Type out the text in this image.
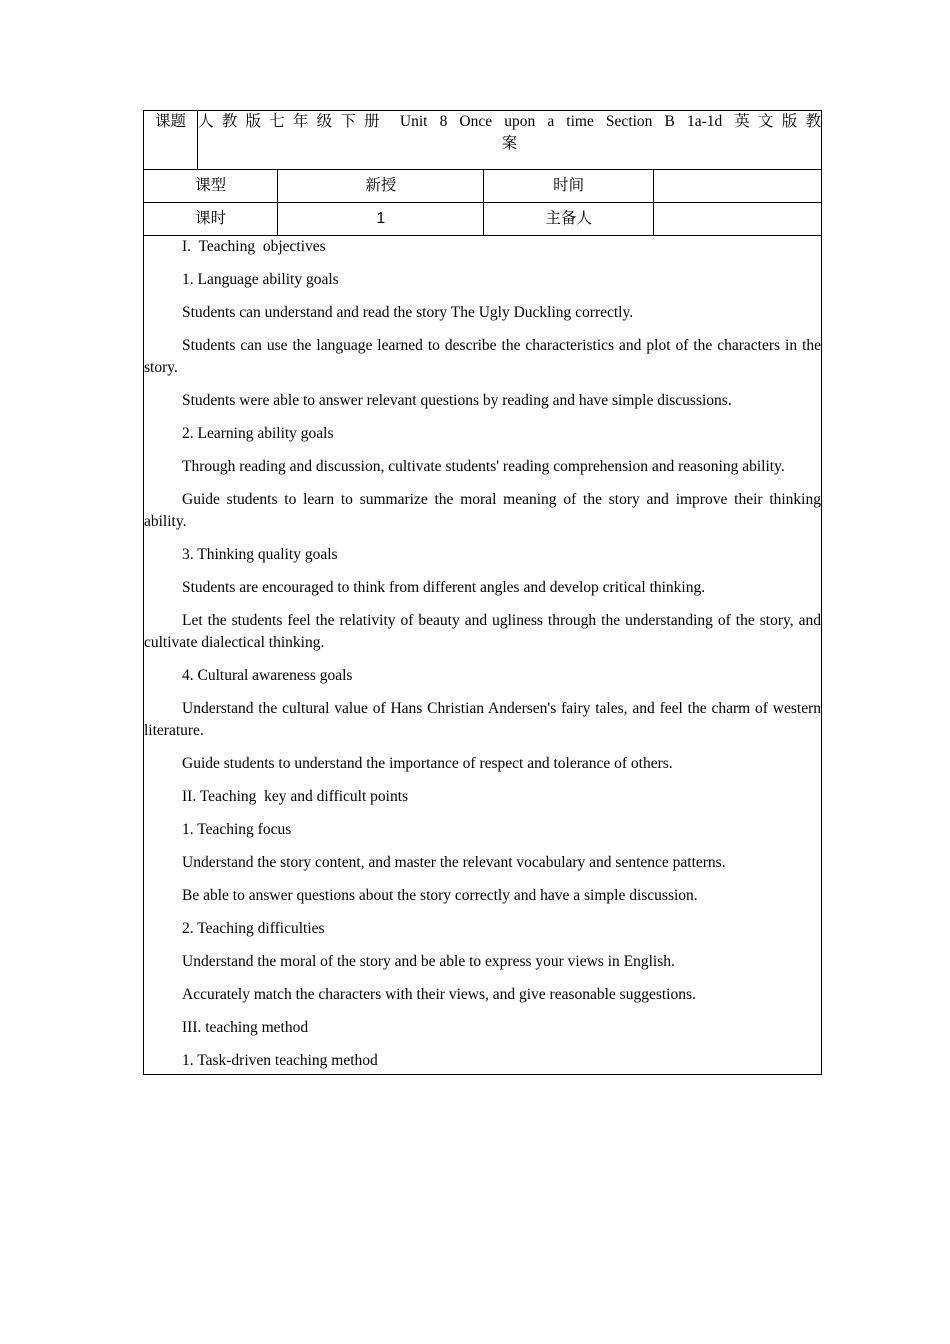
课题	人教版七年级下册 Unit 8 Once upon a time Section B 1a-1d 英文版教
案			

课型		新授	时间	
课时		1	主备人	

I.  Teaching  objectives

1. Language ability goals

Students can understand and read the story The Ugly Duckling correctly.

Students can use the language learned to describe the characteristics and plot of the characters in the story.

Students were able to answer relevant questions by reading and have simple discussions.

2. Learning ability goals

Through reading and discussion, cultivate students' reading comprehension and reasoning ability.

Guide students to learn to summarize the moral meaning of the story and improve their thinking ability.

3. Thinking quality goals

Students are encouraged to think from different angles and develop critical thinking.

Let the students feel the relativity of beauty and ugliness through the understanding of the story, and cultivate dialectical thinking.

4. Cultural awareness goals

Understand the cultural value of Hans Christian Andersen's fairy tales, and feel the charm of western literature.

Guide students to understand the importance of respect and tolerance of others.

II. Teaching  key and difficult points

1. Teaching focus

Understand the story content, and master the relevant vocabulary and sentence patterns.

Be able to answer questions about the story correctly and have a simple discussion.

2. Teaching difficulties

Understand the moral of the story and be able to express your views in English.

Accurately match the characters with their views, and give reasonable suggestions.

III. teaching method

1. Task-driven teaching method
